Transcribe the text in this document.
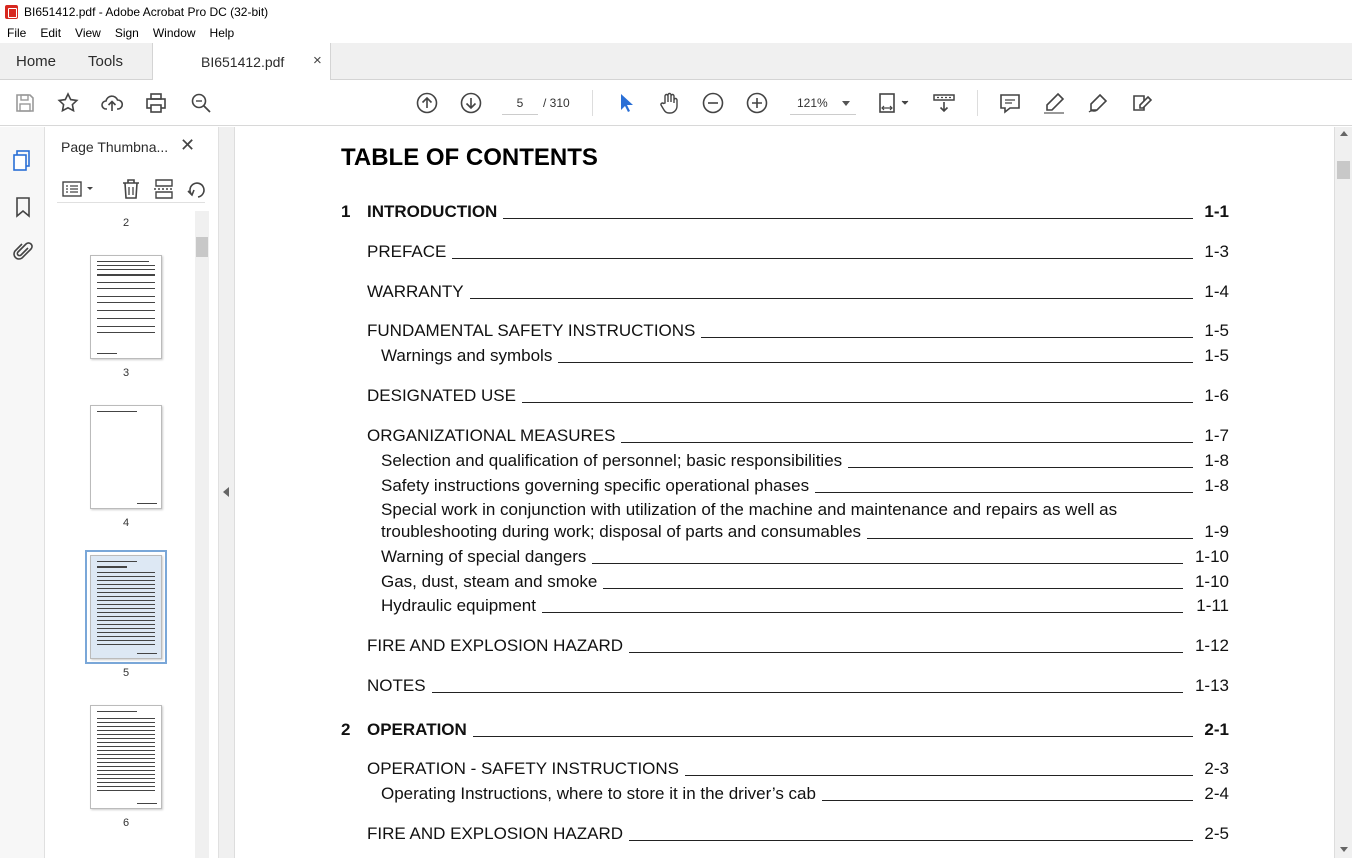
BI651412.pdf - Adobe Acrobat Pro DC (32-bit)
File	Edit	View	Sign	Window	Help
Home Tools	BI651412.pdf ×
5	/ 310	121%
Page Thumbna... ✕
2
3
4
5
6
TABLE OF CONTENTS
1 INTRODUCTION	1-1
PREFACE	1-3
WARRANTY	1-4
FUNDAMENTAL SAFETY INSTRUCTIONS	1-5
Warnings and symbols	1-5
DESIGNATED USE	1-6
ORGANIZATIONAL MEASURES	1-7
Selection and qualification of personnel; basic responsibilities	1-8
Safety instructions governing specific operational phases	1-8
Special work in conjunction with utilization of the machine and maintenance and repairs as well as
troubleshooting during work; disposal of parts and consumables	1-9
Warning of special dangers	1-10
Gas, dust, steam and smoke	1-10
Hydraulic equipment	1-11
FIRE AND EXPLOSION HAZARD	1-12
NOTES	1-13
2 OPERATION	2-1
OPERATION - SAFETY INSTRUCTIONS	2-3
Operating Instructions, where to store it in the driver’s cab	2-4
FIRE AND EXPLOSION HAZARD	2-5
